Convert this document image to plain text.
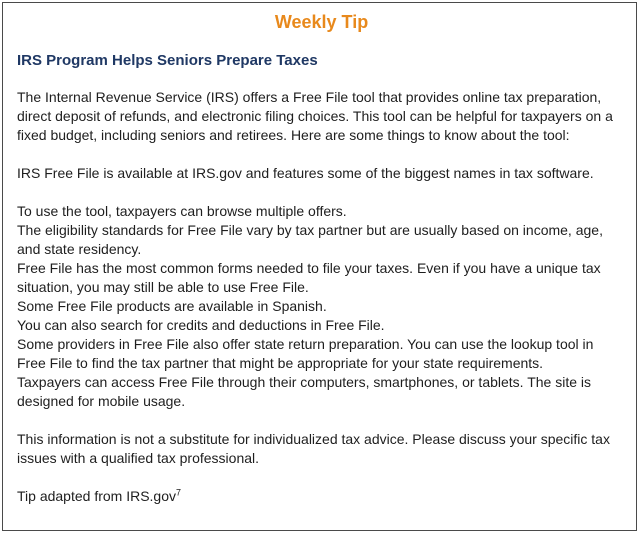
Weekly Tip
IRS Program Helps Seniors Prepare Taxes

The Internal Revenue Service (IRS) offers a Free File tool that provides online tax preparation, direct deposit of refunds, and electronic filing choices. This tool can be helpful for taxpayers on a fixed budget, including seniors and retirees. Here are some things to know about the tool:

IRS Free File is available at IRS.gov and features some of the biggest names in tax software.

To use the tool, taxpayers can browse multiple offers.
The eligibility standards for Free File vary by tax partner but are usually based on income, age, and state residency.
Free File has the most common forms needed to file your taxes. Even if you have a unique tax situation, you may still be able to use Free File.
Some Free File products are available in Spanish.
You can also search for credits and deductions in Free File.
Some providers in Free File also offer state return preparation. You can use the lookup tool in Free File to find the tax partner that might be appropriate for your state requirements.
Taxpayers can access Free File through their computers, smartphones, or tablets. The site is designed for mobile usage.

This information is not a substitute for individualized tax advice. Please discuss your specific tax issues with a qualified tax professional.

Tip adapted from IRS.gov$^7$
